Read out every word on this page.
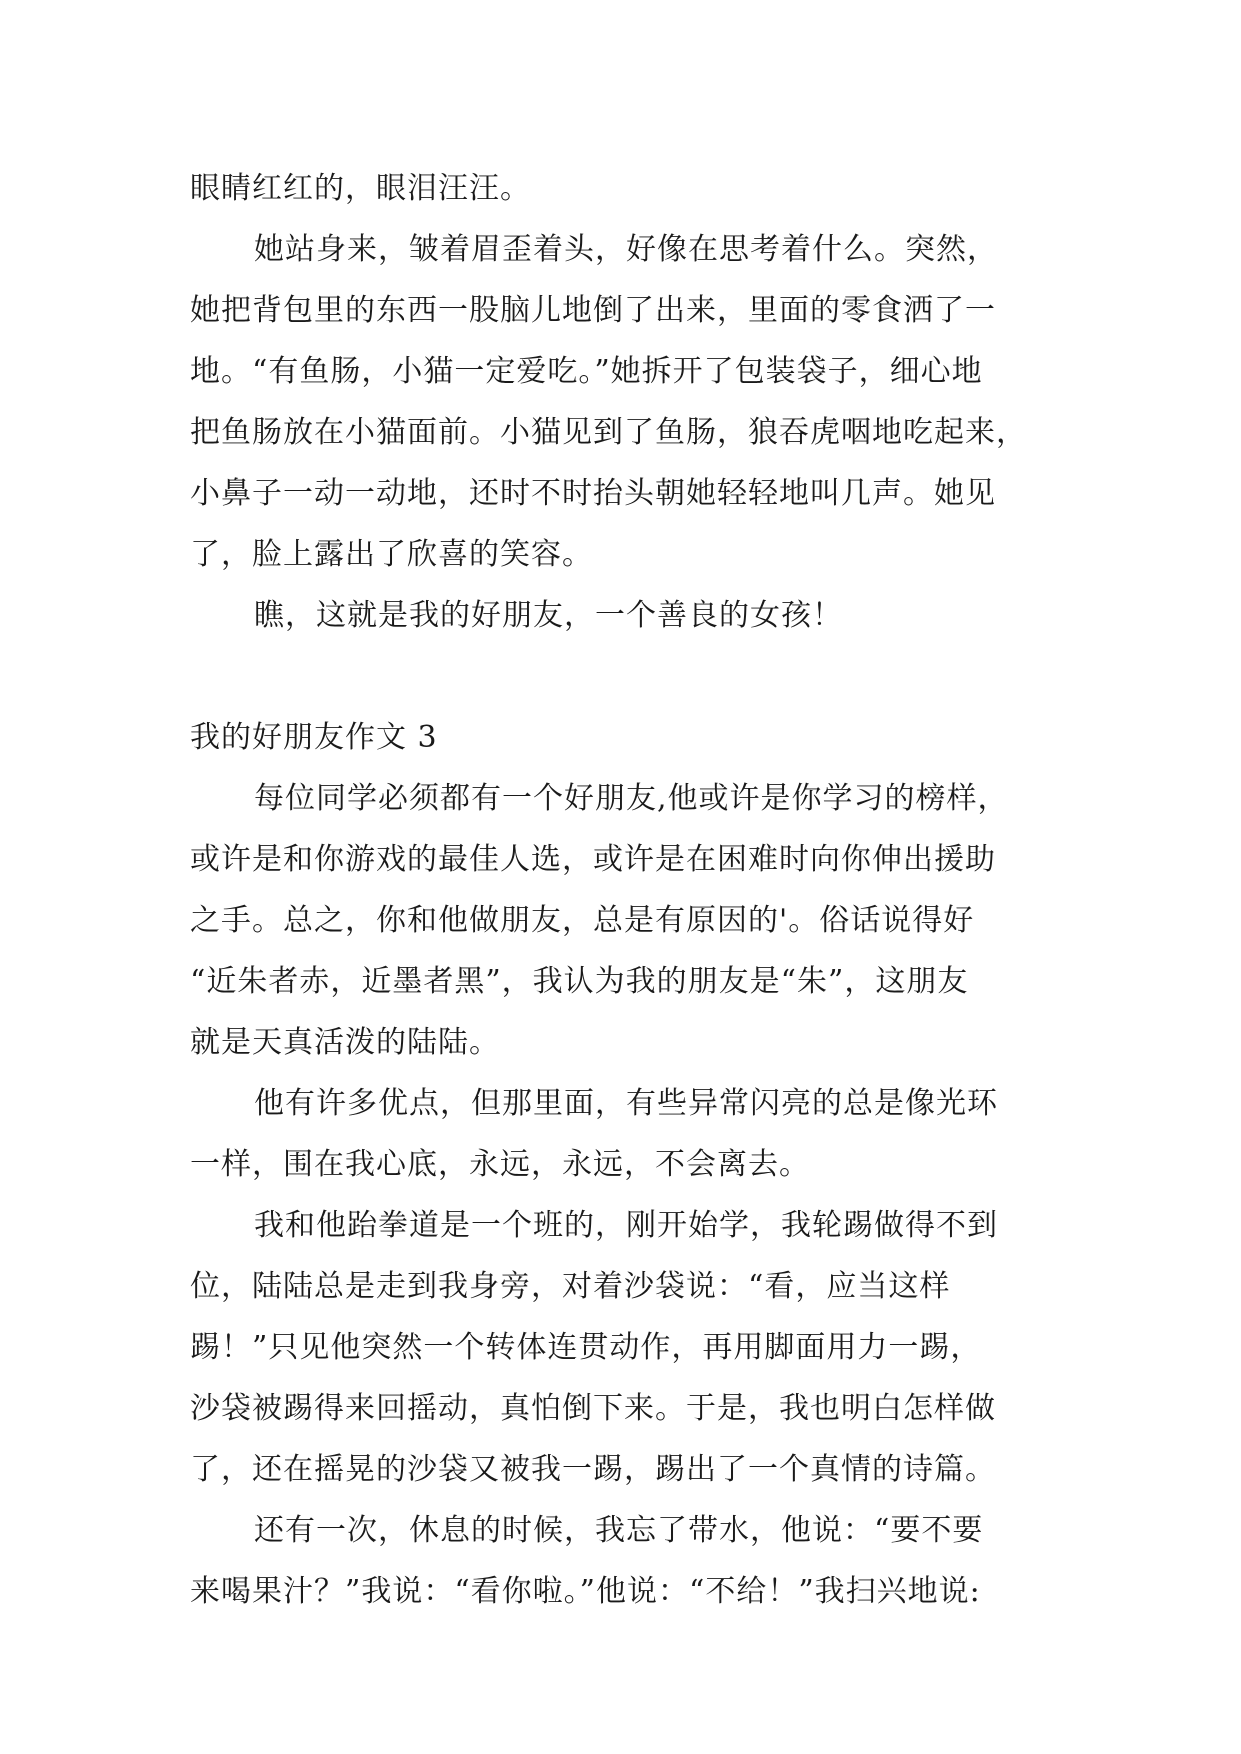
眼睛红红的，眼泪汪汪。
她站身来，皱着眉歪着头，好像在思考着什么。突然，
她把背包里的东西一股脑儿地倒了出来，里面的零食洒了一
地。“有鱼肠，小猫一定爱吃。”她拆开了包装袋子，细心地
把鱼肠放在小猫面前。小猫见到了鱼肠，狼吞虎咽地吃起来，
小鼻子一动一动地，还时不时抬头朝她轻轻地叫几声。她见
了，脸上露出了欣喜的笑容。
瞧，这就是我的好朋友，一个善良的女孩！
我的好朋友作文 3
每位同学必须都有一个好朋友,他或许是你学习的榜样，
或许是和你游戏的最佳人选，或许是在困难时向你伸出援助
之手。总之，你和他做朋友，总是有原因的'。俗话说得好
“近朱者赤，近墨者黑”，我认为我的朋友是“朱”，这朋友
就是天真活泼的陆陆。
他有许多优点，但那里面，有些异常闪亮的总是像光环
一样，围在我心底，永远，永远，不会离去。
我和他跆拳道是一个班的，刚开始学，我轮踢做得不到
位，陆陆总是走到我身旁，对着沙袋说：“看，应当这样
踢！”只见他突然一个转体连贯动作，再用脚面用力一踢，
沙袋被踢得来回摇动，真怕倒下来。于是，我也明白怎样做
了，还在摇晃的沙袋又被我一踢，踢出了一个真情的诗篇。
还有一次，休息的时候，我忘了带水，他说：“要不要
来喝果汁？”我说：“看你啦。”他说：“不给！”我扫兴地说:
